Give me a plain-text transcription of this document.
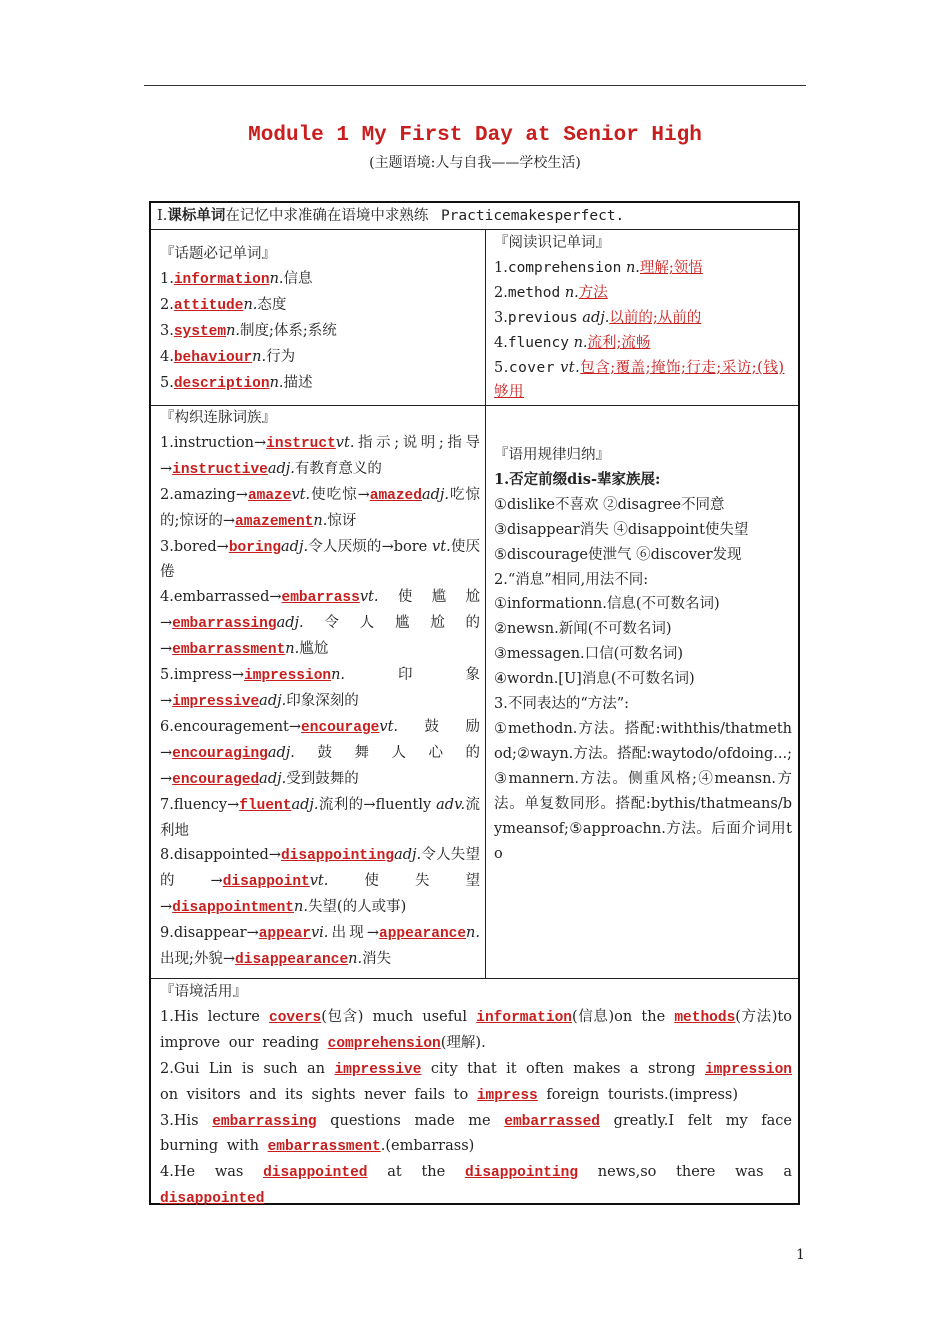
Module 1 My First Day at Senior High
(主题语境:人与自我——学校生活)
Ⅰ.课标单词在记忆中求准确在语境中求熟练 Practicemakesperfect.
『话题必记单词』
1.informationn.信息
2.attituden.态度
3.systemn.制度;体系;系统
4.behaviourn.行为
5.descriptionn.描述
『阅读识记单词』
1.comprehension n.理解;领悟
2.method n.方法
3.previous adj.以前的;从前的
4.fluency n.流利;流畅
5.cover vt.包含;覆盖;掩饰;行走;采访;(钱)够用
『构织连脉词族』
1.instruction→instructvt.指示;说明;指导→instructiveadj.有教育意义的
2.amazing→amazevt.使吃惊→amazedadj.吃惊的;惊讶的→amazementn.惊讶
3.bored→boringadj.令人厌烦的→bore vt.使厌倦
4.embarrassed→embarrassvt.使尴尬→embarrassingadj.令人尴尬的→embarrassmentn.尴尬
5.impress→impressionn.印象→impressiveadj.印象深刻的
6.encouragement→encouragevt.鼓励→encouragingadj.鼓舞人心的→encouragedadj.受到鼓舞的
7.fluency→fluentadj.流利的→fluently adv.流利地
8.disappointed→disappointingadj.令人失望的→disappointvt.使失望→disappointmentn.失望(的人或事)
9.disappear→appearvi.出现→appearancen.出现;外貌→disappearancen.消失
『语用规律归纳』
1.否定前缀dis-辈家族展:
①dislike不喜欢 ②disagree不同意
③disappear消失 ④disappoint使失望
⑤discourage使泄气 ⑥discover发现
2.“消息”相同,用法不同:
①informationn.信息(不可数名词)
②newsn.新闻(不可数名词)
③messagen.口信(可数名词)
④wordn.[U]消息(不可数名词)
3.不同表达的“方法”:
①methodn.方法。搭配:withthis/thatmethod;②wayn.方法。搭配:waytodo/ofdoing...;③mannern.方法。侧重风格;④meansn.方法。单复数同形。搭配:bythis/thatmeans/bymeansof;⑤approachn.方法。后面介词用to
『语境活用』
1.His lecture covers(包含) much useful information(信息)on the methods(方法)to improve our reading comprehension(理解).
2.Gui Lin is such an impressive city that it often makes a strong impression on visitors and its sights never fails to impress foreign tourists.(impress)
3.His embarrassing questions made me embarrassed greatly.I felt my face burning with embarrassment.(embarrass)
4.He was disappointed at the disappointing news,so there was a disappointed
1
